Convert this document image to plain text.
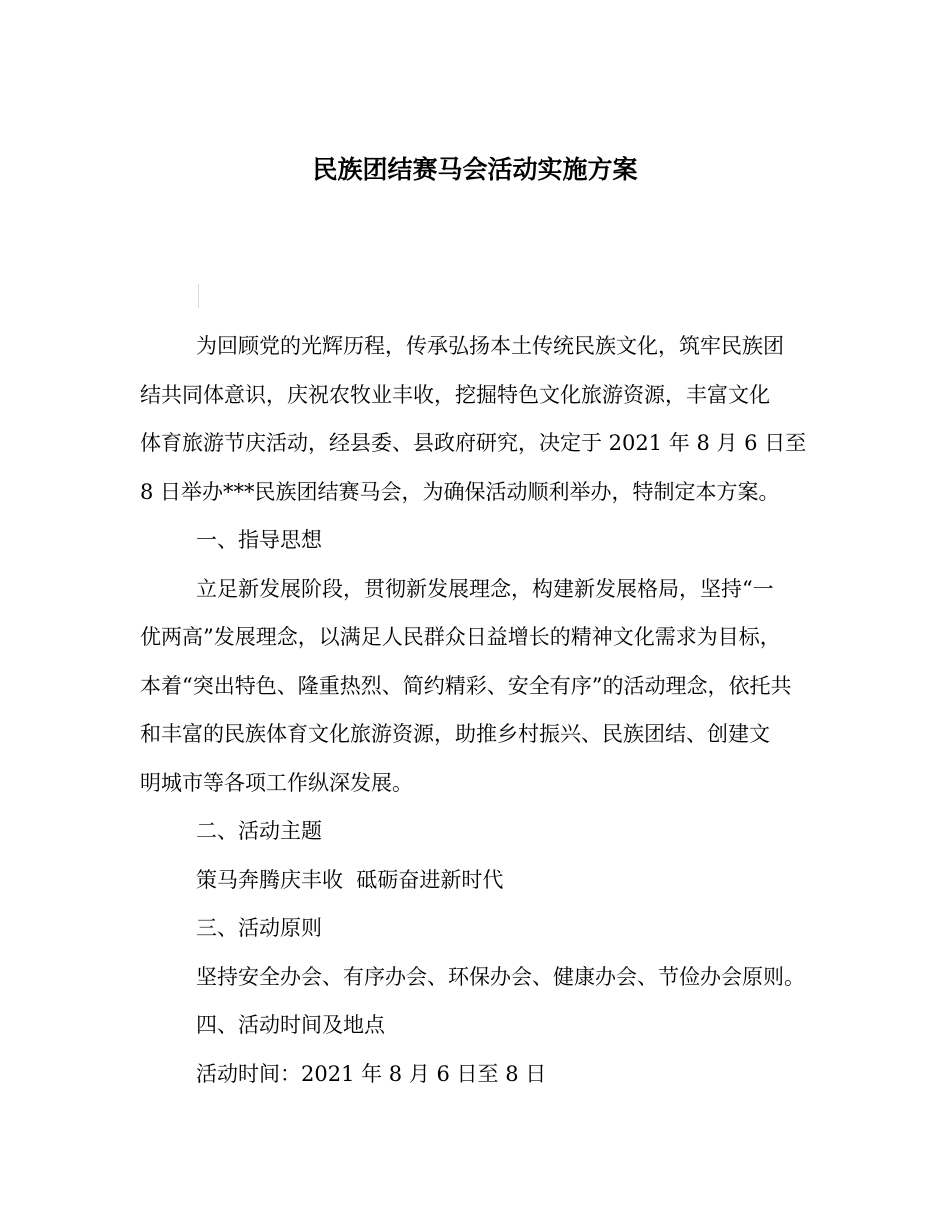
民族团结赛马会活动实施方案
为回顾党的光辉历程，传承弘扬本土传统民族文化，筑牢民族团
结共同体意识，庆祝农牧业丰收，挖掘特色文化旅游资源，丰富文化
体育旅游节庆活动，经县委、县政府研究，决定于 2021 年 8 月 6 日至
8 日举办***民族团结赛马会，为确保活动顺利举办，特制定本方案。

一、指导思想

立足新发展阶段，贯彻新发展理念，构建新发展格局，坚持“一
优两高”发展理念，以满足人民群众日益增长的精神文化需求为目标，
本着“突出特色、隆重热烈、简约精彩、安全有序”的活动理念，依托共
和丰富的民族体育文化旅游资源，助推乡村振兴、民族团结、创建文
明城市等各项工作纵深发展。

二、活动主题

策马奔腾庆丰收  砥砺奋进新时代

三、活动原则

坚持安全办会、有序办会、环保办会、健康办会、节俭办会原则。

四、活动时间及地点

活动时间：2021 年 8 月 6 日至 8 日
